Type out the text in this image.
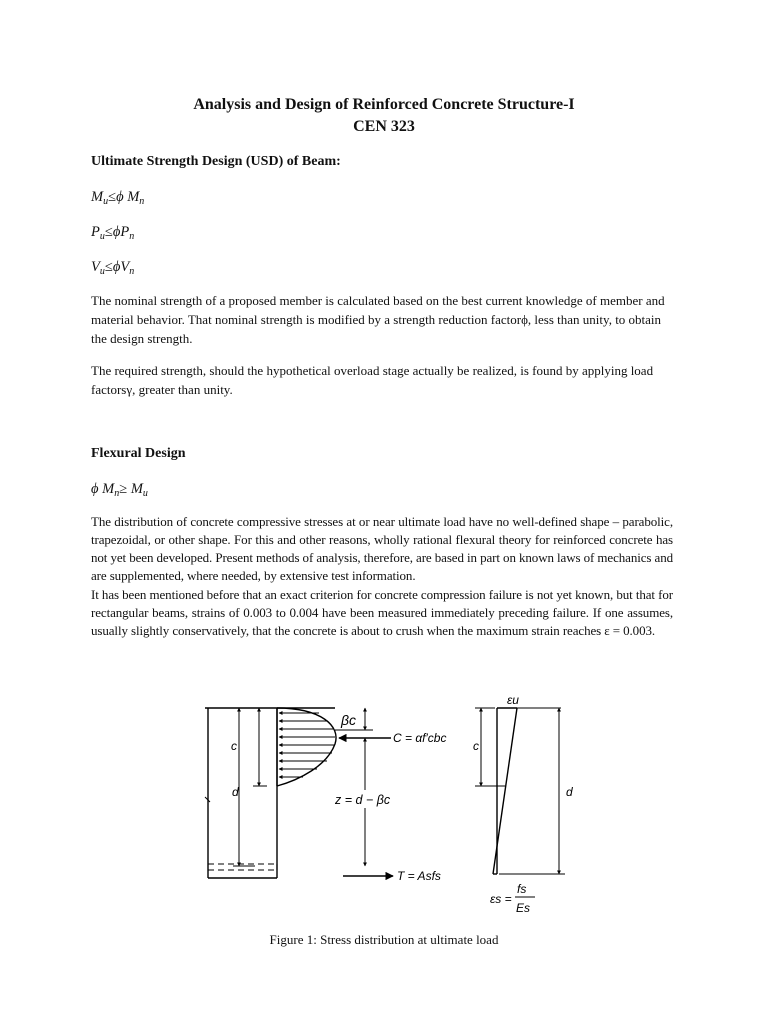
Analysis and Design of Reinforced Concrete Structure-I
CEN 323
Ultimate Strength Design (USD) of Beam:
$M_u\le\phi$ $M_n$
$P_u\le\phi P_n$
$V_u\le\phi V_n$
The nominal strength of a proposed member is calculated based on the best current knowledge of member and material behavior. That nominal strength is modified by a strength reduction factorϕ, less than unity, to obtain the design strength.
The required strength, should the hypothetical overload stage actually be realized, is found by applying load factorsγ, greater than unity.
Flexural Design
ϕ $M_n\ge M_u$
The distribution of concrete compressive stresses at or near ultimate load have no well-defined shape – parabolic, trapezoidal, or other shape. For this and other reasons, wholly rational flexural theory for reinforced concrete has not yet been developed. Present methods of analysis, therefore, are based in part on known laws of mechanics and are supplemented, where needed, by extensive test information.
It has been mentioned before that an exact criterion for concrete compression failure is not yet known, but that for rectangular beams, strains of 0.003 to 0.004 have been measured immediately preceding failure. If one assumes, usually slightly conservatively, that the concrete is about to crush when the maximum strain reaches ε = 0.003.
c
d
βc
C = αf′cbc
z = d − βc
T = Asfs
εu
c
d
εs =
fs
Es
Figure 1: Stress distribution at ultimate load
